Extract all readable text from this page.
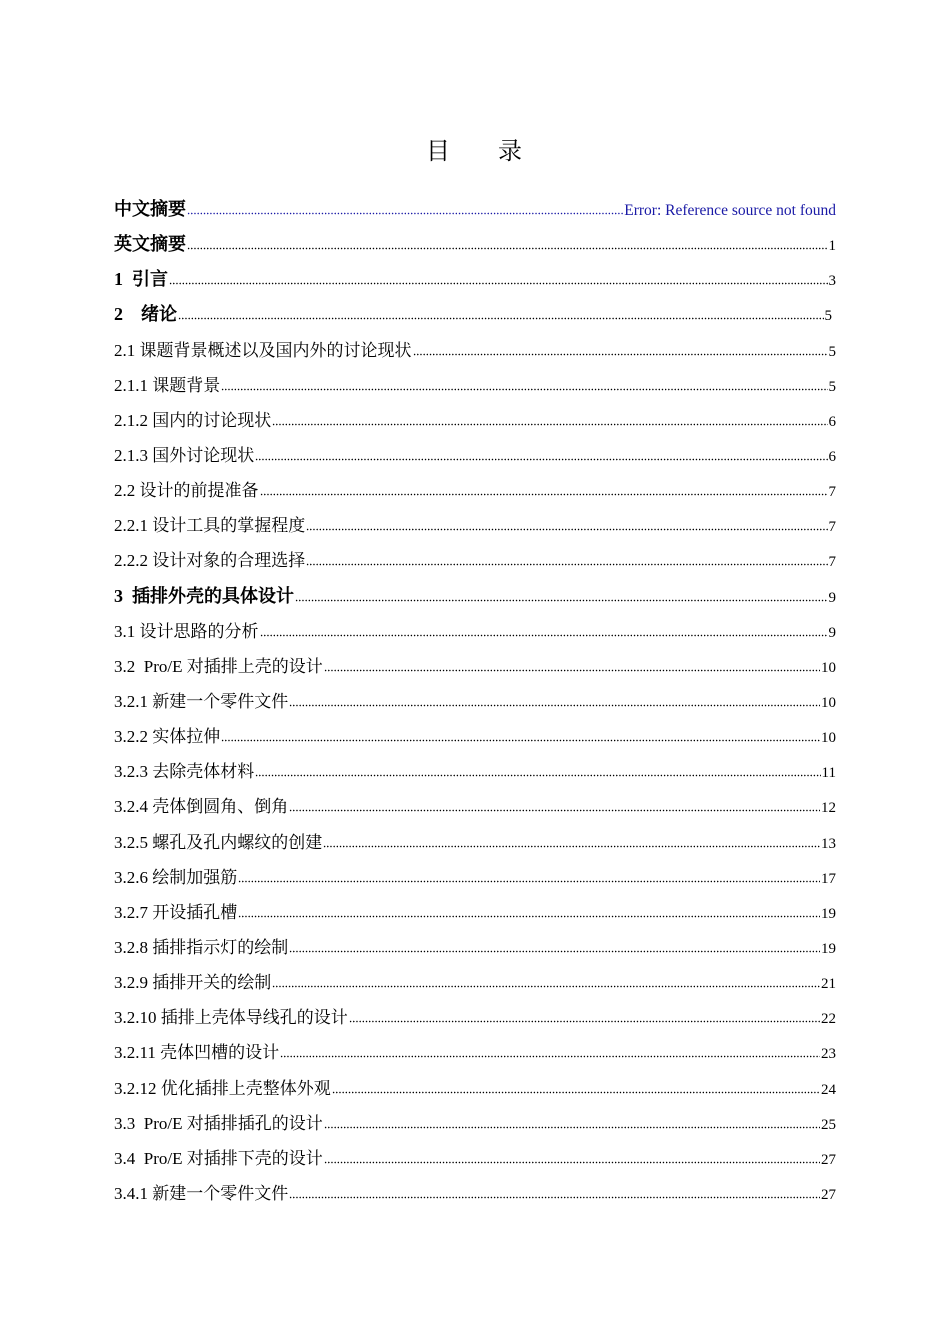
目 录
中文摘要	Error: Reference source not found
英文摘要	1
1  引言	3
2    绪论	5
2.1 课题背景概述以及国内外的讨论现状	5
2.1.1 课题背景	5
2.1.2 国内的讨论现状	6
2.1.3 国外讨论现状	6
2.2 设计的前提准备	7
2.2.1 设计工具的掌握程度	7
2.2.2 设计对象的合理选择	7
3  插排外壳的具体设计	9
3.1 设计思路的分析	9
3.2  Pro/E 对插排上壳的设计	10
3.2.1 新建一个零件文件	10
3.2.2 实体拉伸	10
3.2.3 去除壳体材料	11
3.2.4 壳体倒圆角、倒角	12
3.2.5 螺孔及孔内螺纹的创建	13
3.2.6 绘制加强筋	17
3.2.7 开设插孔槽	19
3.2.8 插排指示灯的绘制	19
3.2.9 插排开关的绘制	21
3.2.10 插排上壳体导线孔的设计	22
3.2.11 壳体凹槽的设计	23
3.2.12 优化插排上壳整体外观	24
3.3  Pro/E 对插排插孔的设计	25
3.4  Pro/E 对插排下壳的设计	27
3.4.1 新建一个零件文件	27
